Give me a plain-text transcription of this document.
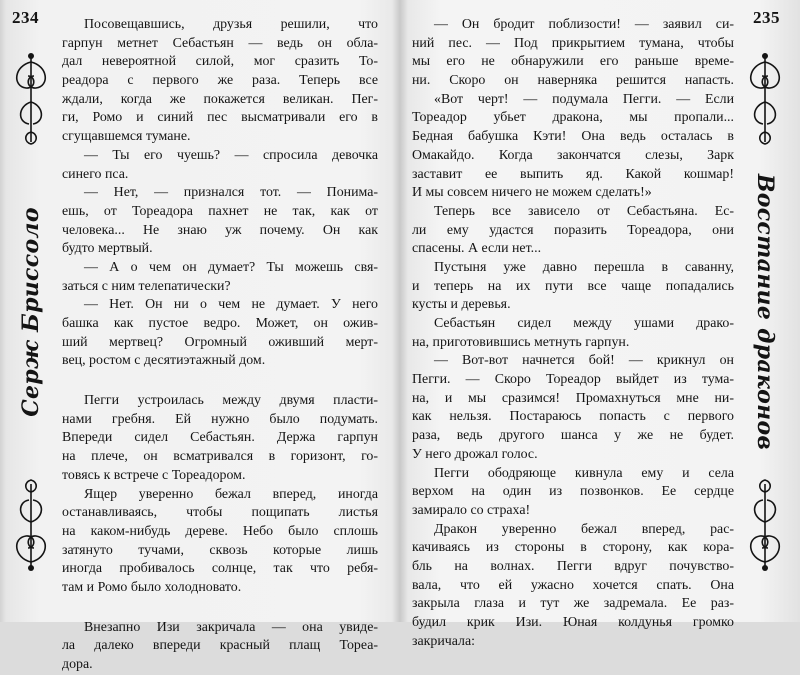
234
Серж Бриссоло
Посовещавшись, друзья решили, что
гарпун метнет Себастьян — ведь он обла-
дал невероятной силой, мог сразить То-
реадора с первого же раза. Теперь все
ждали, когда же покажется великан. Пег-
ги, Ромо и синий пес высматривали его в
сгущавшемся тумане.
— Ты его чуешь? — спросила девочка
синего пса.
— Нет, — признался тот. — Понима-
ешь, от Тореадора пахнет не так, как от
человека... Не знаю уж почему. Он как
будто мертвый.
— А о чем он думает? Ты можешь свя-
заться с ним телепатически?
— Нет. Он ни о чем не думает. У него
башка как пустое ведро. Может, он ожив-
ший мертвец? Огромный оживший мерт-
вец, ростом с десятиэтажный дом.
Пегги устроилась между двумя пласти-
нами гребня. Ей нужно было подумать.
Впереди сидел Себастьян. Держа гарпун
на плече, он всматривался в горизонт, го-
товясь к встрече с Тореадором.
Ящер уверенно бежал вперед, иногда
останавливаясь, чтобы пощипать листья
на каком-нибудь дереве. Небо было сплошь
затянуто тучами, сквозь которые лишь
иногда пробивалось солнце, так что ребя-
там и Ромо было холодновато.
Внезапно Изи закричала — она увиде-
ла далеко впереди красный плащ Тореа-
дора.
235
Восстание драконов
— Он бродит поблизости! — заявил си-
ний пес. — Под прикрытием тумана, чтобы
мы его не обнаружили его раньше време-
ни. Скоро он наверняка решится напасть.
«Вот черт! — подумала Пегги. — Если
Тореадор убьет дракона, мы пропали...
Бедная бабушка Кэти! Она ведь осталась в
Омакайдо. Когда закончатся слезы, Зарк
заставит ее выпить яд. Какой кошмар!
И мы совсем ничего не можем сделать!»
Теперь все зависело от Себастьяна. Ес-
ли ему удастся поразить Тореадора, они
спасены. А если нет...
Пустыня уже давно перешла в саванну,
и теперь на их пути все чаще попадались
кусты и деревья.
Себастьян сидел между ушами драко-
на, приготовившись метнуть гарпун.
— Вот-вот начнется бой! — крикнул он
Пегги. — Скоро Тореадор выйдет из тума-
на, и мы сразимся! Промахнуться мне ни-
как нельзя. Постараюсь попасть с первого
раза, ведь другого шанса у же не будет.
У него дрожал голос.
Пегги ободряюще кивнула ему и села
верхом на один из позвонков. Ее сердце
замирало со страха!
Дракон уверенно бежал вперед, рас-
качиваясь из стороны в сторону, как кора-
бль на волнах. Пегги вдруг почувство-
вала, что ей ужасно хочется спать. Она
закрыла глаза и тут же задремала. Ее раз-
будил крик Изи. Юная колдунья громко
закричала:
